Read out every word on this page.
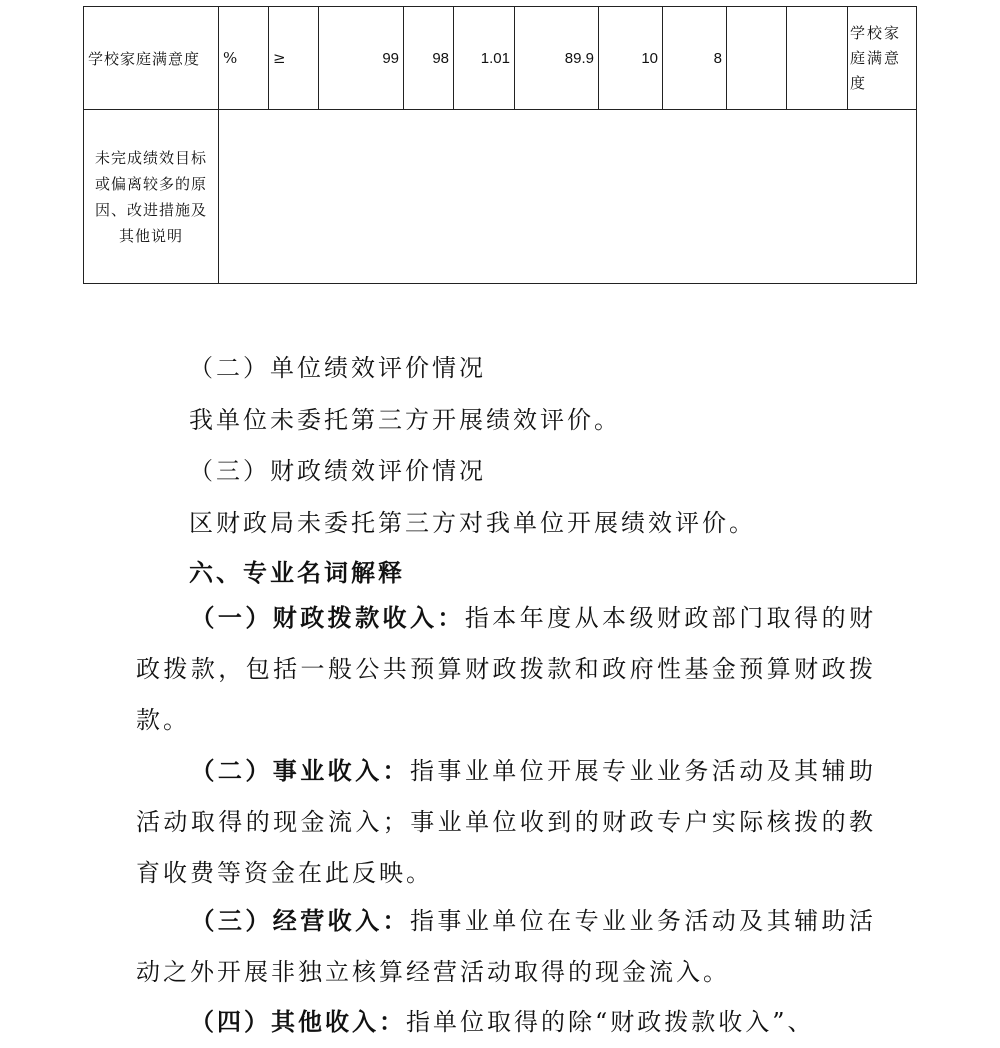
学校家庭满意度	%	≥	99	98	1.01	89.9	10	8			学校家庭满意度
未完成绩效目标或偏离较多的原因、改进措施及其他说明											
（二）单位绩效评价情况
我单位未委托第三方开展绩效评价。
（三）财政绩效评价情况
区财政局未委托第三方对我单位开展绩效评价。
六、专业名词解释
（一）财政拨款收入：指本年度从本级财政部门取得的财政拨款，包括一般公共预算财政拨款和政府性基金预算财政拨款。
（二）事业收入：指事业单位开展专业业务活动及其辅助活动取得的现金流入；事业单位收到的财政专户实际核拨的教育收费等资金在此反映。
（三）经营收入：指事业单位在专业业务活动及其辅助活动之外开展非独立核算经营活动取得的现金流入。
（四）其他收入：指单位取得的除“财政拨款收入”、
